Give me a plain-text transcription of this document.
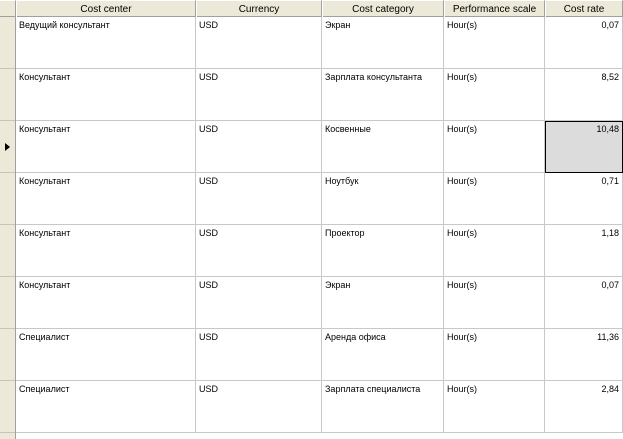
Cost center	Currency	Cost category	Performance scale	Cost rate
Ведущий консультант	USD	Экран	Hour(s)	0,07
Консультант	USD	Зарплата консультанта	Hour(s)	8,52
Консультант	USD	Косвенные	Hour(s)	10,48
Консультант	USD	Ноутбук	Hour(s)	0,71
Консультант	USD	Проектор	Hour(s)	1,18
Консультант	USD	Экран	Hour(s)	0,07
Специалист	USD	Аренда офиса	Hour(s)	11,36
Специалист	USD	Зарплата специалиста	Hour(s)	2,84
